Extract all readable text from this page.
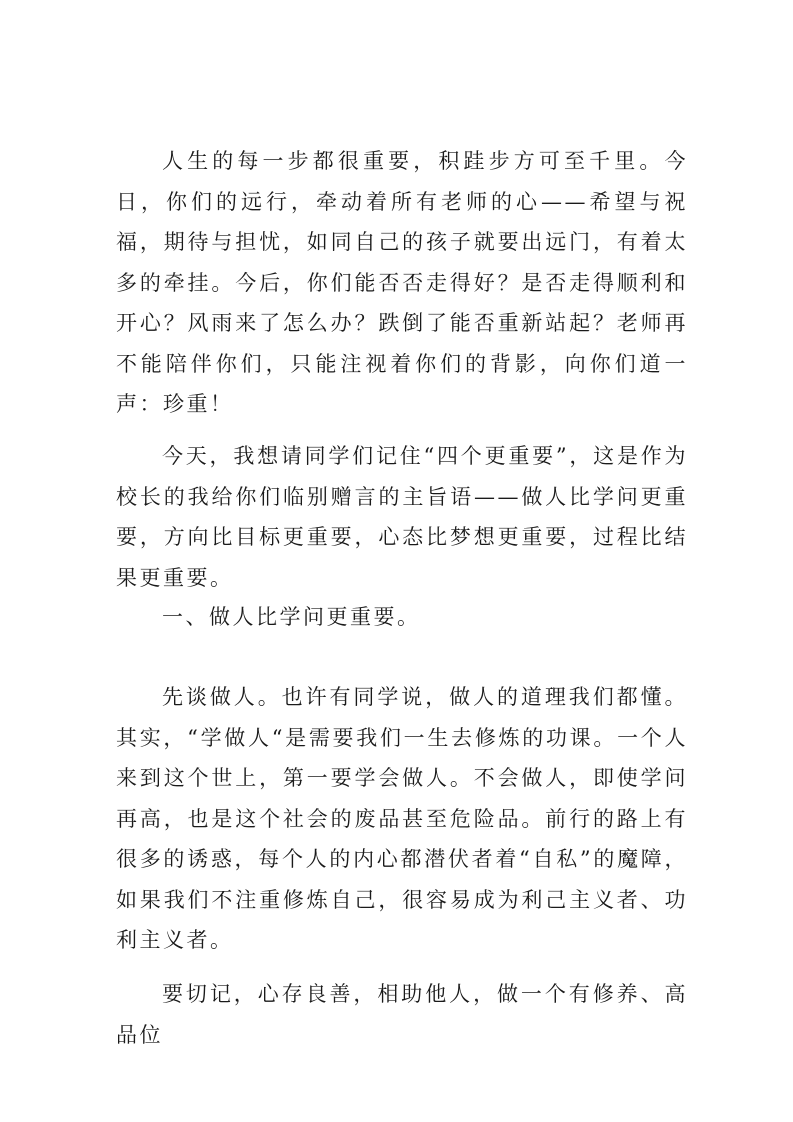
人生的每一步都很重要，积跬步方可至千里。今日，你们的远行，牵动着所有老师的心——希望与祝福，期待与担忧，如同自己的孩子就要出远门，有着太多的牵挂。今后，你们能否否走得好？是否走得顺利和开心？风雨来了怎么办？跌倒了能否重新站起？老师再不能陪伴你们，只能注视着你们的背影，向你们道一声：珍重！

今天，我想请同学们记住“四个更重要”，这是作为校长的我给你们临别赠言的主旨语——做人比学问更重要，方向比目标更重要，心态比梦想更重要，过程比结果更重要。

一、做人比学问更重要。

先谈做人。也许有同学说，做人的道理我们都懂。其实，“学做人“是需要我们一生去修炼的功课。一个人来到这个世上，第一要学会做人。不会做人，即使学问再高，也是这个社会的废品甚至危险品。前行的路上有很多的诱惑，每个人的内心都潜伏者着“自私”的魔障，如果我们不注重修炼自己，很容易成为利己主义者、功利主义者。

要切记，心存良善，相助他人，做一个有修养、高品位
